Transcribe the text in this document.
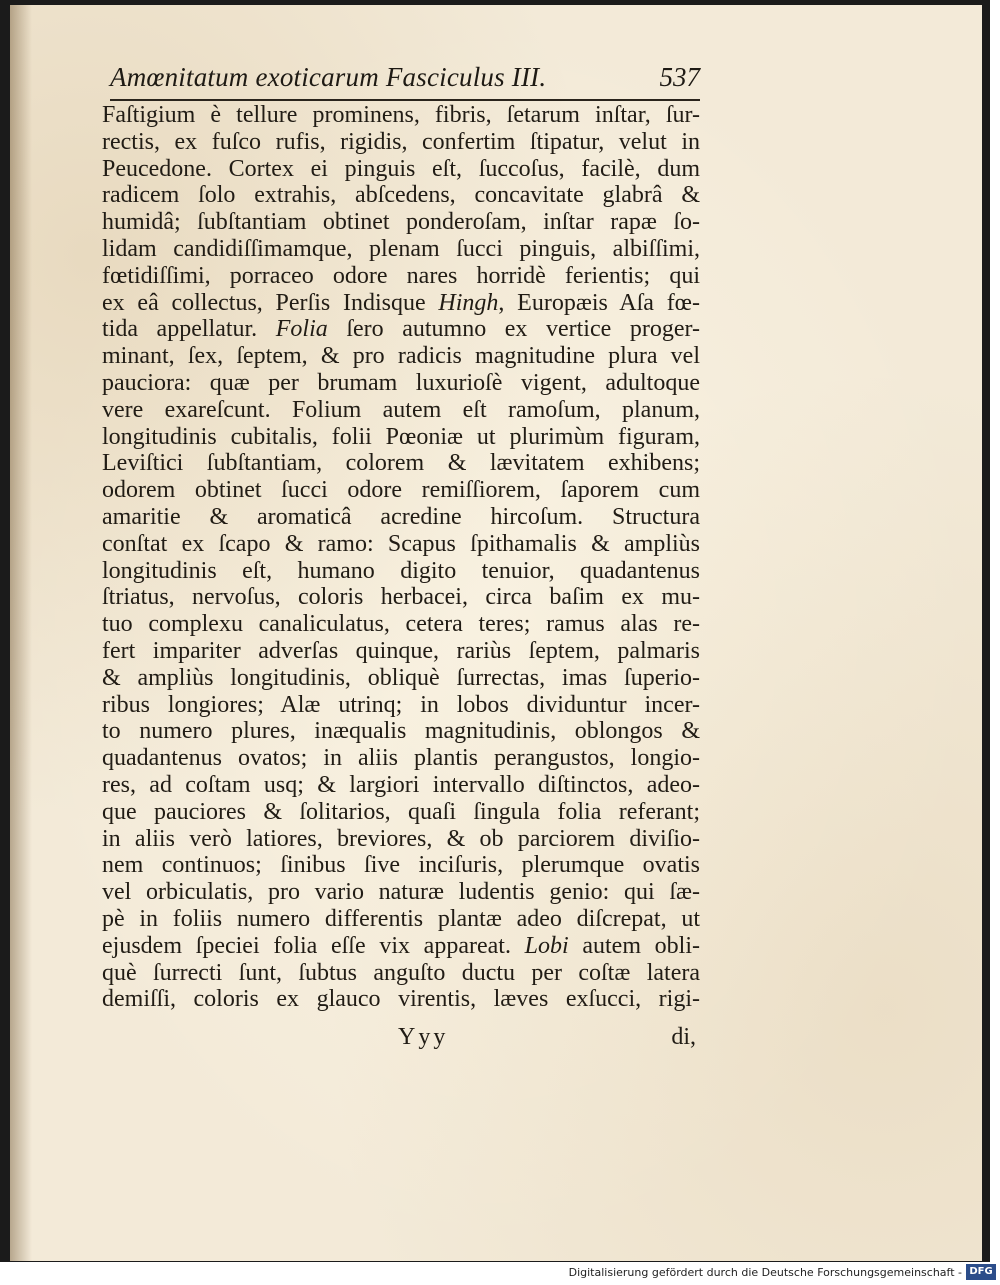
Amœnitatum exoticarum Fasciculus III.	537
Faſtigium è tellure prominens, fibris, ſetarum inſtar, ſur-
rectis, ex fuſco rufis, rigidis, confertim ſtipatur, velut in
Peucedone. Cortex ei pinguis eſt, ſuccoſus, facilè, dum
radicem ſolo extrahis, abſcedens, concavitate glabrâ &
humidâ; ſubſtantiam obtinet ponderoſam, inſtar rapæ ſo-
lidam candidiſſimamque, plenam ſucci pinguis, albiſſimi,
fœtidiſſimi, porraceo odore nares horridè ferientis; qui
ex eâ collectus, Perſis Indisque Hingh, Europæis Aſa fœ-
tida appellatur. Folia ſero autumno ex vertice proger-
minant, ſex, ſeptem, & pro radicis magnitudine plura vel
pauciora: quæ per brumam luxurioſè vigent, adultoque
vere exareſcunt. Folium autem eſt ramoſum, planum,
longitudinis cubitalis, folii Pœoniæ ut plurimùm figuram,
Leviſtici ſubſtantiam, colorem & lævitatem exhibens;
odorem obtinet ſucci odore remiſſiorem, ſaporem cum
amaritie & aromaticâ acredine hircoſum. Structura
conſtat ex ſcapo & ramo: Scapus ſpithamalis & ampliùs
longitudinis eſt, humano digito tenuior, quadantenus
ſtriatus, nervoſus, coloris herbacei, circa baſim ex mu-
tuo complexu canaliculatus, cetera teres; ramus alas re-
fert impariter adverſas quinque, rariùs ſeptem, palmaris
& ampliùs longitudinis, obliquè ſurrectas, imas ſuperio-
ribus longiores; Alæ utrinq; in lobos dividuntur incer-
to numero plures, inæqualis magnitudinis, oblongos &
quadantenus ovatos; in aliis plantis perangustos, longio-
res, ad coſtam usq; & largiori intervallo diſtinctos, adeo-
que pauciores & ſolitarios, quaſi ſingula folia referant;
in aliis verò latiores, breviores, & ob parciorem diviſio-
nem continuos; ſinibus ſive inciſuris, plerumque ovatis
vel orbiculatis, pro vario naturæ ludentis genio: qui ſæ-
pè in foliis numero differentis plantæ adeo diſcrepat, ut
ejusdem ſpeciei folia eſſe vix appareat. Lobi autem obli-
què ſurrecti ſunt, ſubtus anguſto ductu per coſtæ latera
demiſſi, coloris ex glauco virentis, læves exſucci, rigi-
Yyy	di,
Digitalisierung gefördert durch die Deutsche Forschungsgemeinschaft - DFG
